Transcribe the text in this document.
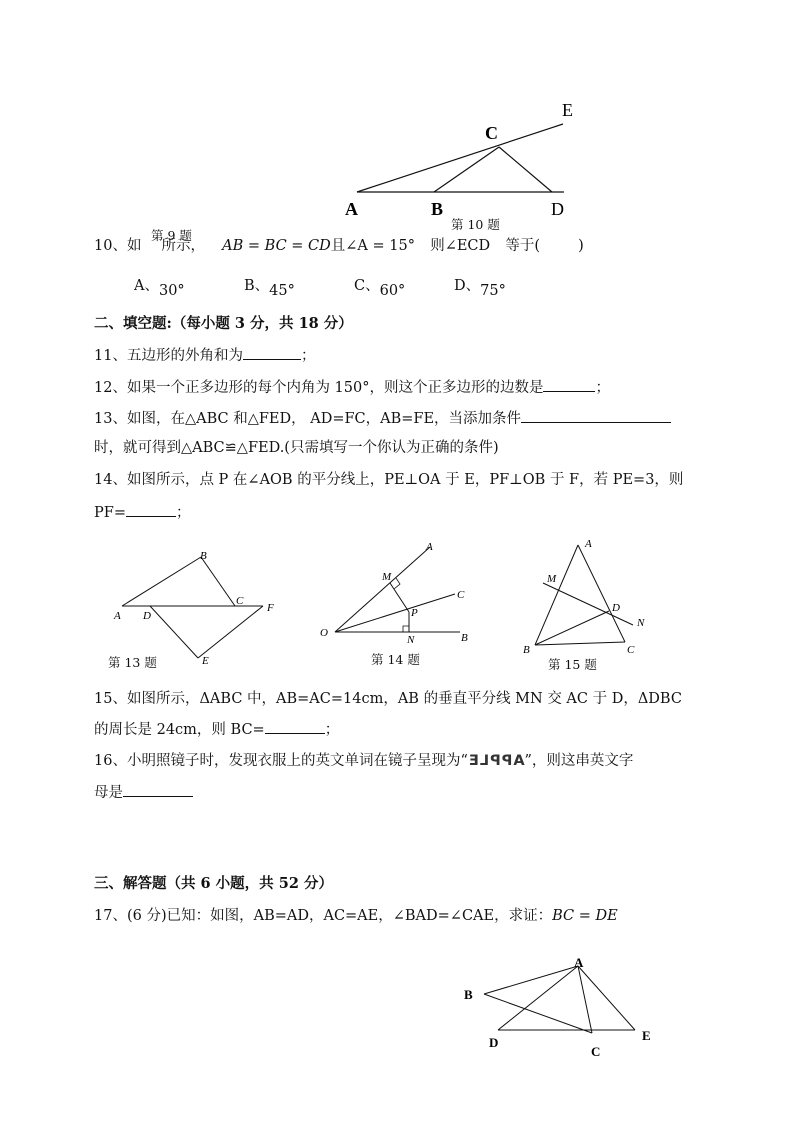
A	B
C
E
D
第 9 题
第 10 题
10、如 所示， AB = BC = CD且∠A = 15° 则∠ECD 等于(	)
A、30°	B、45°	C、60°	D、75°
二、填空题:（每小题 3 分，共 18 分）
11、五边形的外角和为	；
12、如果一个正多边形的每个内角为 150°，则这个正多边形的边数是	；
13、如图，在△ABC 和△FED， AD=FC，AB=FE，当添加条件
时，就可得到△ABC≌△FED.(只需填写一个你认为正确的条件)
14、如图所示，点 P 在∠AOB 的平分线上，PE⊥OA 于 E，PF⊥OB 于 F，若 PE=3，则
PF=	；
A
B
C
D
E
F
第 13 题
O
A
B
C
M
N
P
第 14 题
A
B	C
D
M
N
第 15 题
15、如图所示，ΔABC 中，AB=AC=14cm，AB 的垂直平分线 MN 交 AC 于 D，ΔDBC
的周长是 24cm，则 BC=	；
16、小明照镜子时，发现衣服上的英文单词在镜子呈现为“APPLE”，则这串英文字
母是
三、解答题（共 6 小题，共 52 分）
17、(6 分)已知：如图，AB=AD，AC=AE，∠BAD=∠CAE，求证：BC = DE
A
B
D
C
E
